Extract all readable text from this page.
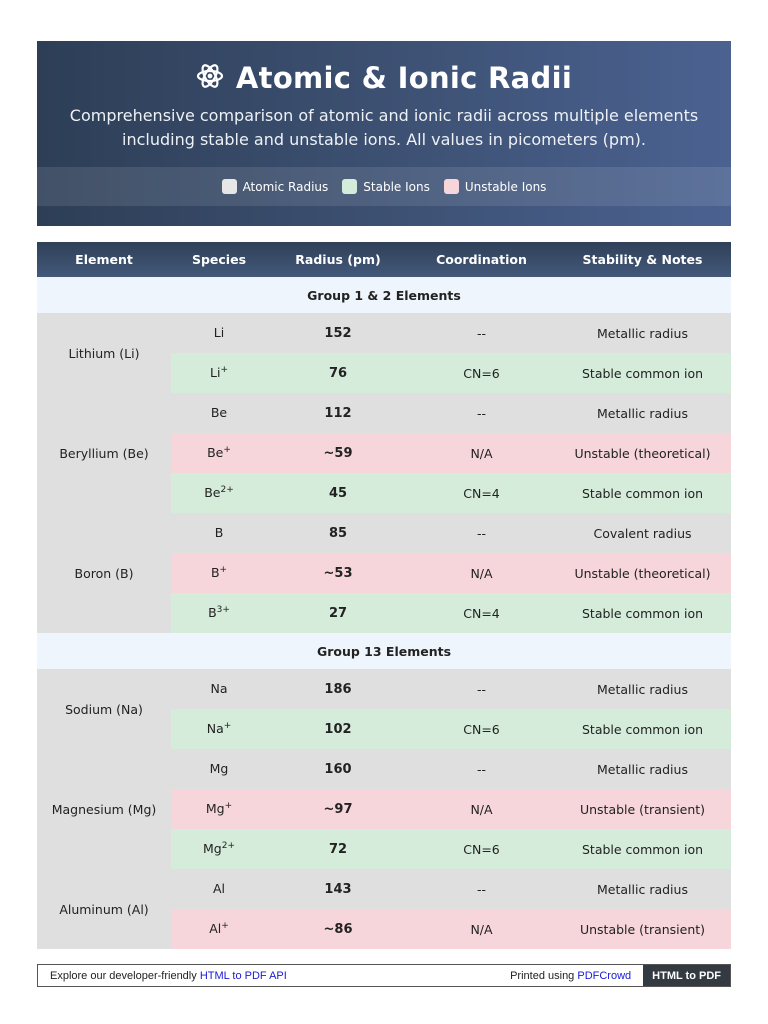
Atomic & Ionic Radii
Comprehensive comparison of atomic and ionic radii across multiple elements
including stable and unstable ions. All values in picometers (pm).
Atomic Radius	Stable Ions	Unstable Ions
Element	Species	Radius (pm)	Coordination	Stability & Notes
Group 1 & 2 Elements				
Lithium (Li)	Li	152	--	Metallic radius
	Li+	76	CN=6	Stable common ion
Beryllium (Be)	Be	112	--	Metallic radius
	Be+	~59	N/A	Unstable (theoretical)
	$Be^{2+}$	45	CN=4	Stable common ion
Boron (B)	B	85	--	Covalent radius
	B+	~53	N/A	Unstable (theoretical)
	$B^{3+}$	27	CN=4	Stable common ion
Group 13 Elements				
Sodium (Na)	Na	186	--	Metallic radius
	Na+	102	CN=6	Stable common ion
Magnesium (Mg)	Mg	160	--	Metallic radius
	Mg+	~97	N/A	Unstable (transient)
	$Mg^{2+}$	72	CN=6	Stable common ion
Aluminum (Al)	Al	143	--	Metallic radius
	Al+	~86	N/A	Unstable (transient)
Explore our developer-friendly HTML to PDF API	Printed using PDFCrowd	HTML to PDF
